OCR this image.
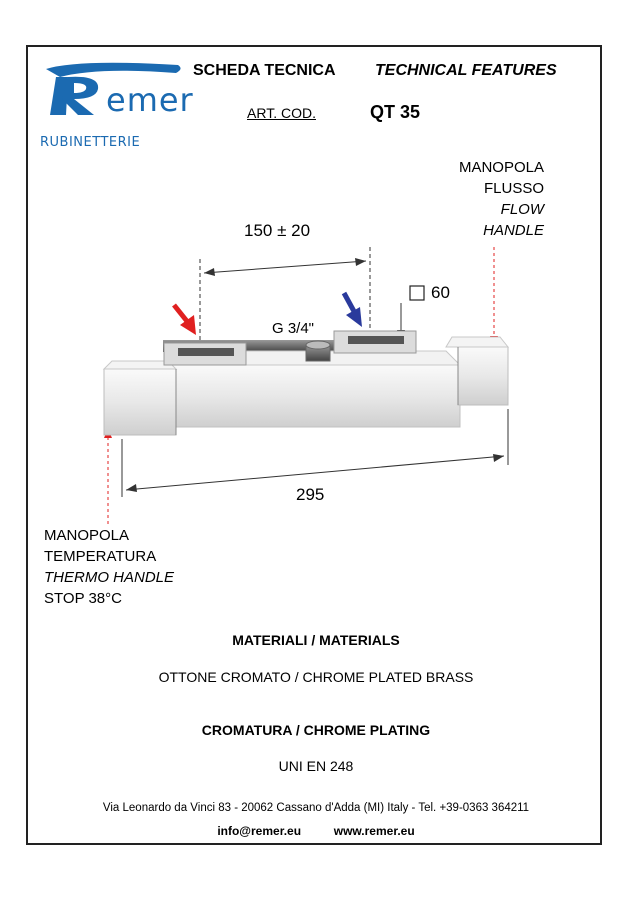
emer
RUBINETTERIE
SCHEDA TECNICA TECHNICAL FEATURES
ART. COD.	QT 35
MANOPOLA
FLUSSO
FLOW
HANDLE
150 ± 20
60
G 3/4"
295
MANOPOLA
TEMPERATURA
THERMO HANDLE
STOP 38°C
MATERIALI / MATERIALS
OTTONE CROMATO / CHROME PLATED BRASS
CROMATURA / CHROME PLATING
UNI EN 248
Via Leonardo da Vinci 83 - 20062 Cassano d'Adda (MI) Italy - Tel. +39-0363 364211
info@remer.eu	www.remer.eu
